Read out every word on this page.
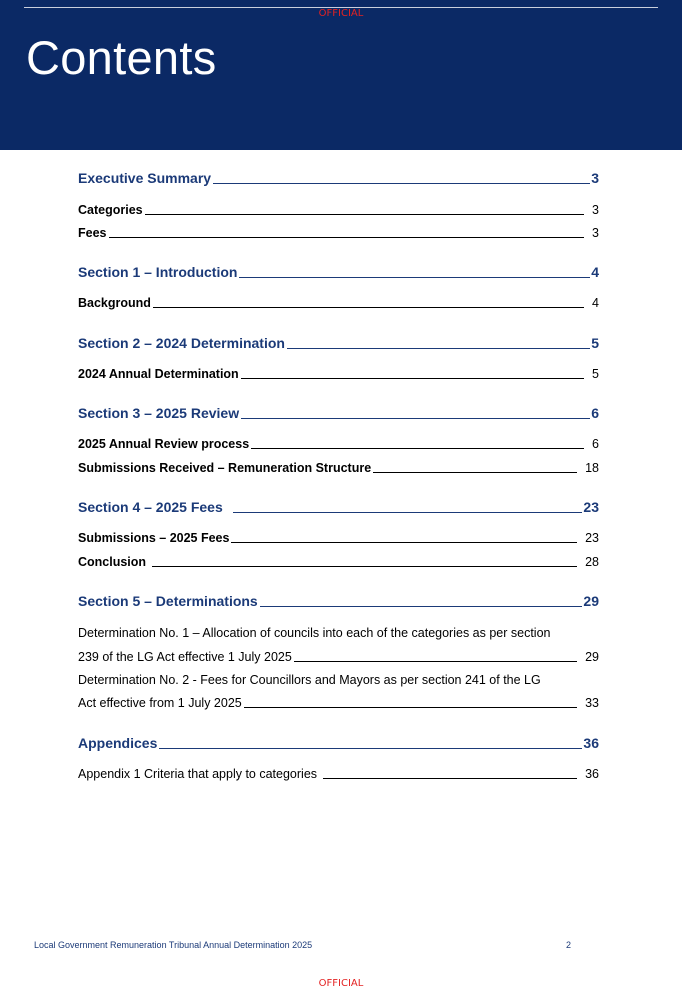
OFFICIAL
Contents
Executive Summary	3
Categories	3
Fees	3
Section 1 – Introduction	4
Background	4
Section 2 – 2024 Determination	5
2024 Annual Determination	5
Section 3 – 2025 Review	6
2025 Annual Review process	6
Submissions Received – Remuneration Structure	18
Section 4 – 2025 Fees	23
Submissions – 2025 Fees	23
Conclusion	28
Section 5 – Determinations	29
Determination No. 1 – Allocation of councils into each of the categories as per section
239 of the LG Act effective 1 July 2025	29
Determination No. 2 - Fees for Councillors and Mayors as per section 241 of the LG
Act effective from 1 July 2025	33
Appendices	36
Appendix 1 Criteria that apply to categories	36
Local Government Remuneration Tribunal Annual Determination 2025	2
OFFICIAL
